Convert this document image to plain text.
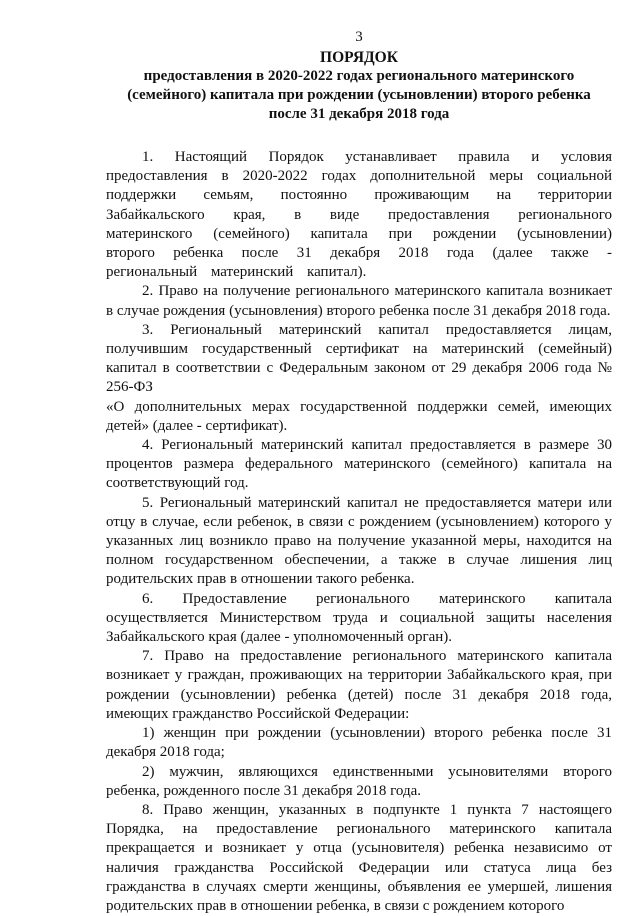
3
ПОРЯДОК
предоставления в 2020-2022 годах регионального материнского (семейного) капитала при рождении (усыновлении) второго ребенка после 31 декабря 2018 года

1. Настоящий Порядок устанавливает правила и условия предоставления в 2020-2022 годах дополнительной меры социальной поддержки семьям, постоянно проживающим на территории Забайкальского края, в виде предоставления регионального материнского (семейного) капитала при рождении (усыновлении) второго ребенка после 31 декабря 2018 года (далее также - региональный материнский капитал).

2. Право на получение регионального материнского капитала возникает в случае рождения (усыновления) второго ребенка после 31 декабря 2018 года.

3. Региональный материнский капитал предоставляется лицам, получившим государственный сертификат на материнский (семейный) капитал в соответствии с Федеральным законом от 29 декабря 2006 года № 256-ФЗ

«О дополнительных мерах государственной поддержки семей, имеющих детей» (далее - сертификат).

4. Региональный материнский капитал предоставляется в размере 30 процентов размера федерального материнского (семейного) капитала на соответствующий год.

5. Региональный материнский капитал не предоставляется матери или отцу в случае, если ребенок, в связи с рождением (усыновлением) которого у указанных лиц возникло право на получение указанной меры, находится на полном государственном обеспечении, а также в случае лишения лиц родительских прав в отношении такого ребенка.

6. Предоставление регионального материнского капитала осуществляется Министерством труда и социальной защиты населения Забайкальского края (далее - уполномоченный орган).

7. Право на предоставление регионального материнского капитала возникает у граждан, проживающих на территории Забайкальского края, при рождении (усыновлении) ребенка (детей) после 31 декабря 2018 года, имеющих гражданство Российской Федерации:

1) женщин при рождении (усыновлении) второго ребенка после 31 декабря 2018 года;

2) мужчин, являющихся единственными усыновителями второго ребенка, рожденного после 31 декабря 2018 года.

8. Право женщин, указанных в подпункте 1 пункта 7 настоящего Порядка, на предоставление регионального материнского капитала прекращается и возникает у отца (усыновителя) ребенка независимо от наличия гражданства Российской Федерации или статуса лица без гражданства в случаях смерти женщины, объявления ее умершей, лишения родительских прав в отношении ребенка, в связи с рождением которого
